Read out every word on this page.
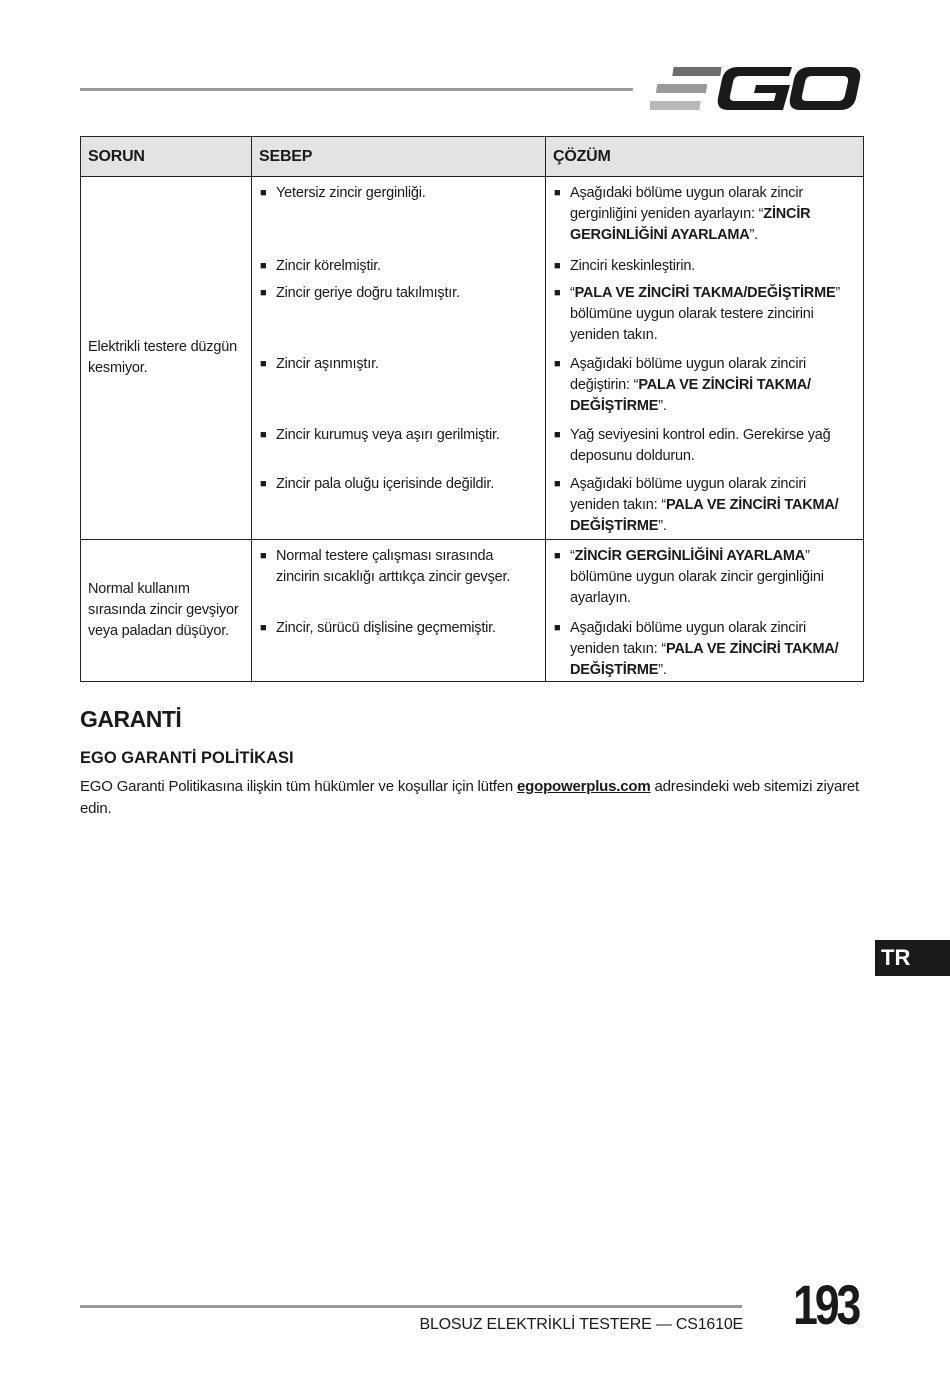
SORUN	SEBEP	ÇÖZÜM
Elektrikli testere düzgün kesmiyor.	■ Yetersiz zincir gerginliği.	■ Aşağıdaki bölüme uygun olarak zincir gerginliğini yeniden ayarlayın: “ZİNCİR GERGİNLİĞİNİ AYARLAMA”.

	■ Zincir körelmiştir.	■ Zinciri keskinleştirin.

	■ Zincir geriye doğru takılmıştır.	■ “PALA VE ZİNCİRİ TAKMA/DEĞİŞTİRME” bölümüne uygun olarak testere zincirini yeniden takın.

	■ Zincir aşınmıştır.	■ Aşağıdaki bölüme uygun olarak zinciri değiştirin: “PALA VE ZİNCİRİ TAKMA/ DEĞİŞTİRME”.

	■ Zincir kurumuş veya aşırı gerilmiştir.	■ Yağ seviyesini kontrol edin. Gerekirse yağ deposunu doldurun.

	■ Zincir pala oluğu içerisinde değildir.	■ Aşağıdaki bölüme uygun olarak zinciri yeniden takın: “PALA VE ZİNCİRİ TAKMA/ DEĞİŞTİRME”.

Normal kullanım sırasında zincir gevşiyor veya paladan düşüyor.	■ Normal testere çalışması sırasında zincirin sıcaklığı arttıkça zincir gevşer.	■ “ZİNCİR GERGİNLİĞİNİ AYARLAMA” bölümüne uygun olarak zincir gerginliğini ayarlayın.

	■ Zincir, sürücü dişlisine geçmemiştir.	■ Aşağıdaki bölüme uygun olarak zinciri yeniden takın: “PALA VE ZİNCİRİ TAKMA/ DEĞİŞTİRME”.
GARANTİ
EGO GARANTİ POLİTİKASI
EGO Garanti Politikasına ilişkin tüm hükümler ve koşullar için lütfen egopowerplus.com adresindeki web sitemizi ziyaret edin.
TR
BLOSUZ ELEKTRİKLİ TESTERE — CS1610E 193
